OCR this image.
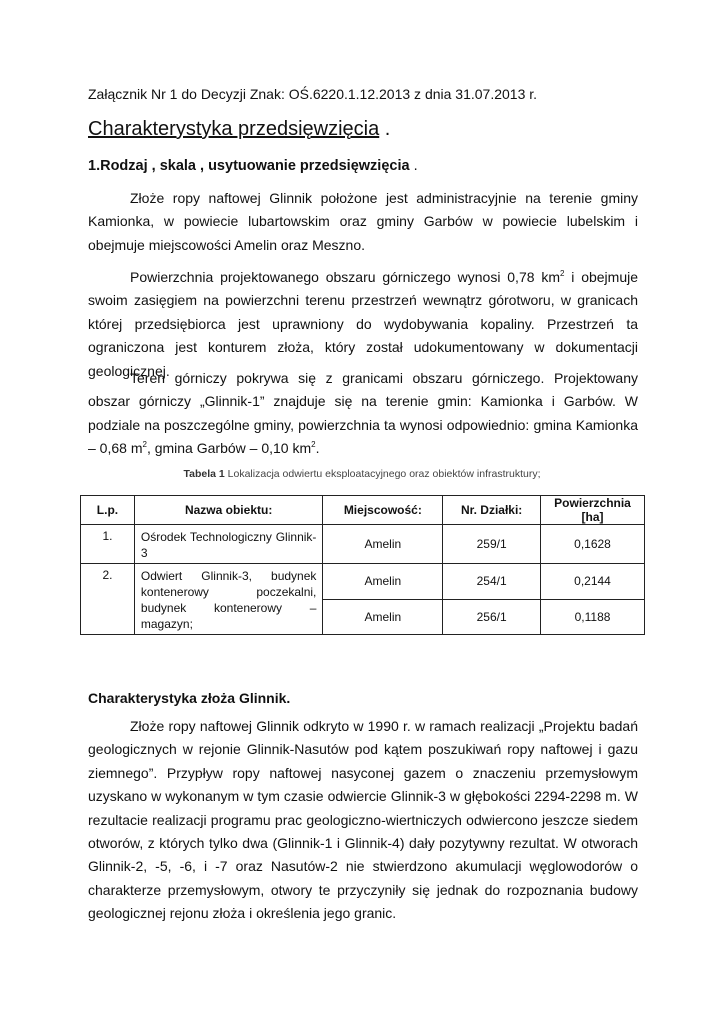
Załącznik Nr 1 do Decyzji Znak: OŚ.6220.1.12.2013 z dnia 31.07.2013 r.
Charakterystyka przedsięwzięcia .
1.Rodzaj , skala , usytuowanie przedsięwzięcia .
Złoże ropy naftowej Glinnik położone jest administracyjnie na terenie gminy Kamionka, w powiecie lubartowskim oraz gminy Garbów w powiecie lubelskim i obejmuje miejscowości Amelin oraz Meszno.
Powierzchnia projektowanego obszaru górniczego wynosi 0,78 $km^2$ i obejmuje swoim zasięgiem na powierzchni terenu przestrzeń wewnątrz górotworu, w granicach której przedsiębiorca jest uprawniony do wydobywania kopaliny. Przestrzeń ta ograniczona jest konturem złoża, który został udokumentowany w dokumentacji geologicznej.
Teren górniczy pokrywa się z granicami obszaru górniczego. Projektowany obszar górniczy „Glinnik-1” znajduje się na terenie gmin: Kamionka i Garbów. W podziale na poszczególne gminy, powierzchnia ta wynosi odpowiednio: gmina Kamionka – 0,68 $m^2$, gmina Garbów – 0,10 $km^2$.
Tabela 1 Lokalizacja odwiertu eksploatacyjnego oraz obiektów infrastruktury;
L.p.	Nazwa obiektu:	Miejscowość:	Nr. Działki:	Powierzchnia [ha]
1.	Ośrodek Technologiczny Glinnik-3	Amelin	259/1	0,1628
2.	Odwiert Glinnik-3, budynek kontenerowy poczekalni, budynek kontenerowy – magazyn;	Amelin	254/1	0,2144
		Amelin	256/1	0,1188
Charakterystyka złoża Glinnik.
Złoże ropy naftowej Glinnik odkryto w 1990 r. w ramach realizacji „Projektu badań geologicznych w rejonie Glinnik-Nasutów pod kątem poszukiwań ropy naftowej i gazu ziemnego”. Przypływ ropy naftowej nasyconej gazem o znaczeniu przemysłowym uzyskano w wykonanym w tym czasie odwiercie Glinnik-3 w głębokości 2294-2298 m. W rezultacie realizacji programu prac geologiczno-wiertniczych odwiercono jeszcze siedem otworów, z których tylko dwa (Glinnik-1 i Glinnik-4) dały pozytywny rezultat. W otworach Glinnik-2, -5, -6, i -7 oraz Nasutów-2 nie stwierdzono akumulacji węglowodorów o charakterze przemysłowym, otwory te przyczyniły się jednak do rozpoznania budowy geologicznej rejonu złoża i określenia jego granic.
